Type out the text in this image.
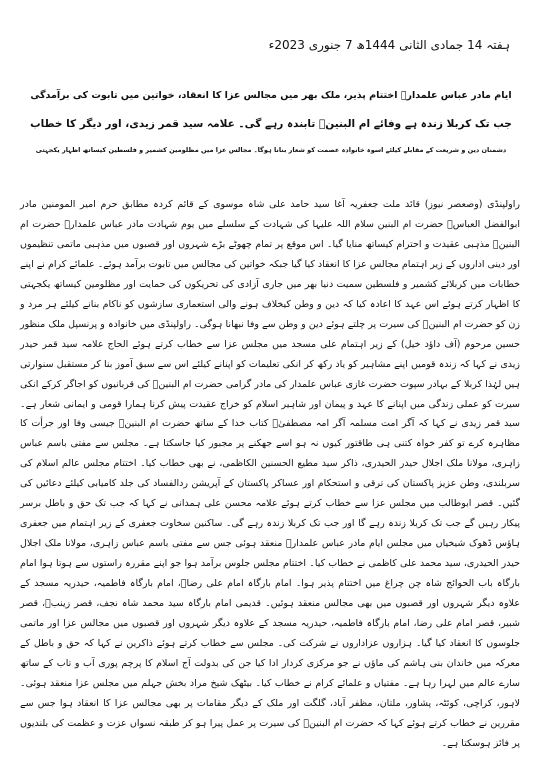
ہفتہ 14 جمادی الثانی 1444ھ 7 جنوری 2023ء
ایام مادر عباس علمدارؑ اختتام پذیر، ملک بھر میں مجالس عزا کا انعقاد، خواتین میں تابوت کی برآمدگی
جب تک کربلا زندہ ہے وفائے ام البنینؑ تابندہ رہے گی۔ علامہ سید قمر زیدی، اور دیگر کا خطاب
دشمنان دین و شریعت کے مقابلے کیلئے اسوہ خانوادہ عصمت کو شعار بنانا ہوگا۔ مجالس عزا میں مظلومین کشمیر و فلسطین کیساتھ اظہار یکجہتی

راولپنڈی (وصعصر نیوز) قائد ملت جعفریہ آغا سید حامد علی شاہ موسوی کے قائم کردہ مطابق حرم امیر المومنین مادر ابوالفضل العباسؑ حضرت ام البنین سلام اللہ علیہا کی شہادت کے سلسلے میں یوم شہادت مادر عباس علمدارؑ حضرت ام البنینؑ مذہبی عقیدت و احترام کیساتھ منایا گیا۔ اس موقع پر تمام چھوٹے بڑے شہروں اور قصبوں میں مذہبی ماتمی تنظیموں اور دینی اداروں کے زیر اہتمام مجالس عزا کا انعقاد کیا گیا جبکہ خواتین کی مجالس میں تابوت برآمد ہوئے۔ علمائے کرام نے اپنے خطابات میں کربلائے کشمیر و فلسطین سمیت دنیا بھر میں جاری آزادی کی تحریکوں کی حمایت اور مظلومین کیساتھ یکجہتی کا اظہار کرتے ہوئے اس عہد کا اعادہ کیا کہ دین و وطن کیخلاف ہونے والی استعماری سازشوں کو ناکام بنانے کیلئے ہر مرد و زن کو حضرت ام البنینؑ کی سیرت پر چلتے ہوئے دین و وطن سے وفا نبھانا ہوگی۔ راولپنڈی میں خانوادہ و پرنسپل ملک منظور حسین مرحوم (آف داؤد خیل) کے زیر اہتمام علی مسجد میں مجلس عزا سے خطاب کرتے ہوئے الحاج علامہ سید قمر حیدر زیدی نے کہا کہ زندہ قومیں اپنے مشاہیر کو یاد رکھ کر انکی تعلیمات کو اپنانے کیلئے اس سے سبق آموز بنا کر مستقبل سنوارتی ہیں لہٰذا کربلا کے بہادر سپوت حضرت غازی عباس علمدار کی مادر گرامی حضرت ام البنینؑ کی قربانیوں کو اجاگر کرکے انکی سیرت کو عملی زندگی میں اپنانے کا عہد و پیمان اور شاہیر اسلام کو خراج عقیدت پیش کرنا ہمارا قومی و ایمانی شعار ہے۔ سید قمر زیدی نے کہا کہ آگر امت مسلمہ آگر امہ مصطفیٰؐ کتاب خدا کے ساتھ حضرت ام البنینؑ جیسی وفا اور جرأت کا مظاہرہ کرے تو کفر خواہ کتنی ہی طاقتور کیوں نہ ہو اسے جھکنے پر مجبور کیا جاسکتا ہے۔ مجلس سے مفتی باسم عباس زاہری، مولانا ملک اجلال حیدر الحیدری، ذاکر سید مطیع الحسنین الکاظمی، نے بھی خطاب کیا۔ اختتام مجلس عالم اسلام کی سربلندی، وطن عزیز پاکستان کی ترقی و استحکام اور عساکر پاکستان کے آپریشن ردالفساد کی جلد کامیابی کیلئے دعائیں کی گئیں۔ قصر ابوطالب میں مجلس عزا سے خطاب کرتے ہوئے علامہ محسن علی ہمدانی نے کہا کہ جب تک حق و باطل برسر پیکار رہیں گے جب تک کربلا زندہ رہے گا اور جب تک کربلا زندہ رہے گی۔ ساکنین سخاوت جعفری کے زیر اہتمام میں جعفری ہاؤس ڈھوک شیخیاں میں مجلس ایام مادر عباس علمدارؑ منعقد ہوئی جس سے مفتی باسم عباس زاہری، مولانا ملک اجلال حیدر الحیدری، سید محمد علی کاظمی نے خطاب کیا۔ اختتام مجلس جلوس برآمد ہوا جو اپنے مقررہ راستوں سے ہوتا ہوا امام بارگاہ باب الحوائج شاہ چن چراغ میں اختتام پذیر ہوا۔ امام بارگاہ امام علی رضاؑ، امام بارگاہ فاطمیہ، حیدریہ مسجد کے علاوہ دیگر شہروں اور قصبوں میں بھی مجالس منعقد ہوئیں۔ قدیمی امام بارگاہ سید محمد شاہ نجف، قصر زینبؑ، قصر شبیر، قصر امام علی رضا، امام بارگاہ فاطمیہ، حیدریہ مسجد کے علاوہ دیگر شہروں اور قصبوں میں مجالس عزا اور ماتمی جلوسوں کا انعقاد کیا گیا۔ ہزاروں عزاداروں نے شرکت کی۔ مجلس سے خطاب کرتے ہوئے ذاکرین نے کہا کہ حق و باطل کے معرکہ میں خاندان بنی ہاشم کی ماؤں نے جو مرکزی کردار ادا کیا جن کی بدولت آج اسلام کا پرچم پوری آب و تاب کے ساتھ سارے عالم میں لہرا رہا ہے۔ مفتیاں و علمائے کرام نے خطاب کیا۔ بیٹھک شیخ مراد بخش جہلم میں مجلس عزا منعقد ہوئی۔ لاہور، کراچی، کوئٹہ، پشاور، ملتان، مظفر آباد، گلگت اور ملک کے دیگر مقامات پر بھی مجالس عزا کا انعقاد ہوا جس سے مقررین نے خطاب کرتے ہوئے کہا کہ حضرت ام البنینؑ کی سیرت پر عمل پیرا ہو کر طبقہ نسواں عزت و عظمت کی بلندیوں پر فائز ہوسکتا ہے۔
